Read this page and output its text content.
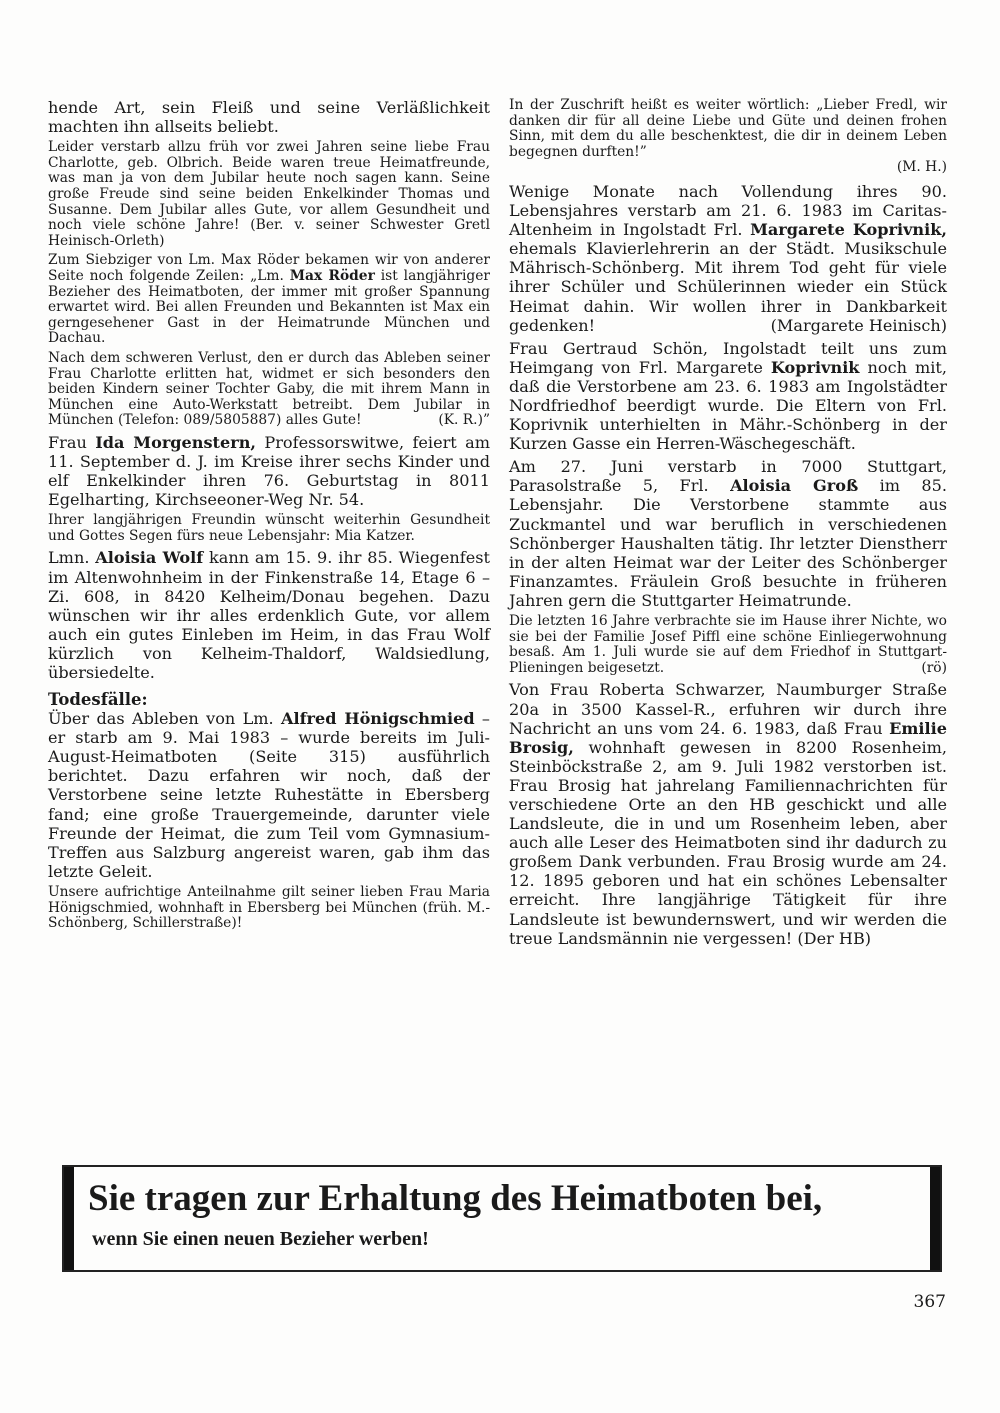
hende Art, sein Fleiß und seine Verläßlichkeit machten ihn allseits beliebt.

Leider verstarb allzu früh vor zwei Jahren seine liebe Frau Charlotte, geb. Olbrich. Beide waren treue Heimatfreunde, was man ja von dem Jubilar heute noch sagen kann. Seine große Freude sind seine beiden Enkelkinder Thomas und Susanne. Dem Jubilar alles Gute, vor allem Gesundheit und noch viele schöne Jahre! (Ber. v. seiner Schwester Gretl Heinisch-Orleth)

Zum Siebziger von Lm. Max Röder bekamen wir von anderer Seite noch folgende Zeilen: „Lm. Max Röder ist langjähriger Bezieher des Heimatboten, der immer mit großer Spannung erwartet wird. Bei allen Freunden und Bekannten ist Max ein gerngesehener Gast in der Heimatrunde München und Dachau.

Nach dem schweren Verlust, den er durch das Ableben seiner Frau Charlotte erlitten hat, widmet er sich besonders den beiden Kindern seiner Tochter Gaby, die mit ihrem Mann in München eine Auto-Werkstatt betreibt. Dem Jubilar in München (Telefon: 089/5805887) alles Gute!	(K. R.)”

Frau Ida Morgenstern, Professorswitwe, feiert am 11. September d. J. im Kreise ihrer sechs Kinder und elf Enkelkinder ihren 76. Geburtstag in 8011 Egelharting, Kirchseeoner-Weg Nr. 54.

Ihrer langjährigen Freundin wünscht weiterhin Gesundheit und Gottes Segen fürs neue Lebensjahr: Mia Katzer.

Lmn. Aloisia Wolf kann am 15. 9. ihr 85. Wiegenfest im Altenwohnheim in der Finkenstraße 14, Etage 6 – Zi. 608, in 8420 Kelheim/Donau begehen. Dazu wünschen wir ihr alles erdenklich Gute, vor allem auch ein gutes Einleben im Heim, in das Frau Wolf kürzlich von Kelheim-Thaldorf, Waldsiedlung, übersiedelte.

Todesfälle:

Über das Ableben von Lm. Alfred Hönigschmied – er starb am 9. Mai 1983 – wurde bereits im Juli-August-Heimatboten (Seite 315) ausführlich berichtet. Dazu erfahren wir noch, daß der Verstorbene seine letzte Ruhestätte in Ebersberg fand; eine große Trauergemeinde, darunter viele Freunde der Heimat, die zum Teil vom Gymnasium-Treffen aus Salzburg angereist waren, gab ihm das letzte Geleit.

Unsere aufrichtige Anteilnahme gilt seiner lieben Frau Maria Hönigschmied, wohnhaft in Ebersberg bei München (früh. M.-Schönberg, Schillerstraße)!

In der Zuschrift heißt es weiter wörtlich: „Lieber Fredl, wir danken dir für all deine Liebe und Güte und deinen frohen Sinn, mit dem du alle beschenktest, die dir in deinem Leben begegnen durften!”

(M. H.)

Wenige Monate nach Vollendung ihres 90. Lebensjahres verstarb am 21. 6. 1983 im Caritas-Altenheim in Ingolstadt Frl. Margarete Koprivnik, ehemals Klavierlehrerin an der Städt. Musikschule Mährisch-Schönberg. Mit ihrem Tod geht für viele ihrer Schüler und Schülerinnen wieder ein Stück Heimat dahin. Wir wollen ihrer in Dankbarkeit gedenken!	(Margarete Heinisch)

Frau Gertraud Schön, Ingolstadt teilt uns zum Heimgang von Frl. Margarete Koprivnik noch mit, daß die Verstorbene am 23. 6. 1983 am Ingolstädter Nordfriedhof beerdigt wurde. Die Eltern von Frl. Koprivnik unterhielten in Mähr.-Schönberg in der Kurzen Gasse ein Herren-Wäschegeschäft.

Am 27. Juni verstarb in 7000 Stuttgart, Parasolstraße 5, Frl. Aloisia Groß im 85. Lebensjahr. Die Verstorbene stammte aus Zuckmantel und war beruflich in verschiedenen Schönberger Haushalten tätig. Ihr letzter Dienstherr in der alten Heimat war der Leiter des Schönberger Finanzamtes. Fräulein Groß besuchte in früheren Jahren gern die Stuttgarter Heimatrunde.

Die letzten 16 Jahre verbrachte sie im Hause ihrer Nichte, wo sie bei der Familie Josef Piffl eine schöne Einliegerwohnung besaß. Am 1. Juli wurde sie auf dem Friedhof in Stuttgart-Plieningen beigesetzt.	(rö)

Von Frau Roberta Schwarzer, Naumburger Straße 20a in 3500 Kassel-R., erfuhren wir durch ihre Nachricht an uns vom 24. 6. 1983, daß Frau Emilie Brosig, wohnhaft gewesen in 8200 Rosenheim, Steinböckstraße 2, am 9. Juli 1982 verstorben ist. Frau Brosig hat jahrelang Familiennachrichten für verschiedene Orte an den HB geschickt und alle Landsleute, die in und um Rosenheim leben, aber auch alle Leser des Heimatboten sind ihr dadurch zu großem Dank verbunden. Frau Brosig wurde am 24. 12. 1895 geboren und hat ein schönes Lebensalter erreicht. Ihre langjährige Tätigkeit für ihre Landsleute ist bewundernswert, und wir werden die treue Landsmännin nie vergessen! (Der HB)

Sie tragen zur Erhaltung des Heimatboten bei,
wenn Sie einen neuen Bezieher werben!
367
